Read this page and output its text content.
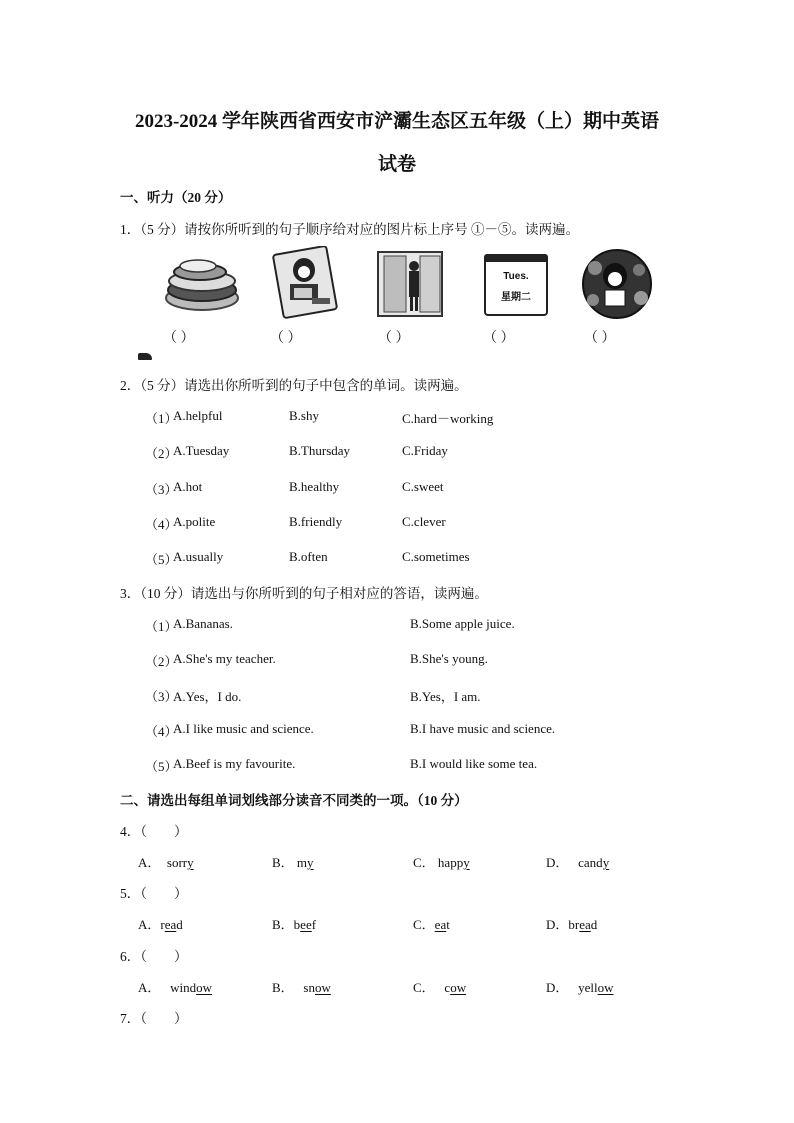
2023-2024 学年陕西省西安市浐灞生态区五年级（上）期中英语
试卷
一、听力（20 分）
1．（5 分）请按你所听到的句子顺序给对应的图片标上序号 ①－⑤。读两遍。
Tues.
星期二
（ ）	（ ）	（ ）	（ ）	（ ）
2．（5 分）请选出你所听到的句子中包含的单词。读两遍。
（1）
A.helpful	B.shy	C.hard－working
（2）
A.Tuesday	B.Thursday	C.Friday
（3）
A.hot	B.healthy	C.sweet
（4）
A.polite	B.friendly	C.clever
（5）
A.usually	B.often	C.sometimes
3．（10 分）请选出与你所听到的句子相对应的答语，读两遍。
（1）
A.Bananas.	B.Some apple juice.
（2）
A.She's my teacher.	B.She's young.
（3）
A.Yes，I do.	B.Yes，I am.
（4）
A.I like music and science.	B.I have music and science.
（5）
A.Beef is my favourite.	B.I would like some tea.
二、请选出每组单词划线部分读音不同类的一项。（10 分）
4．（　　）
A． sorry	B． my	C． happy	D． candy
5．（　　）
A．read	B．beef	C．eat	D．bread
6．（　　）
A． window	B． snow	C． cow	D． yellow
7．（　　）
